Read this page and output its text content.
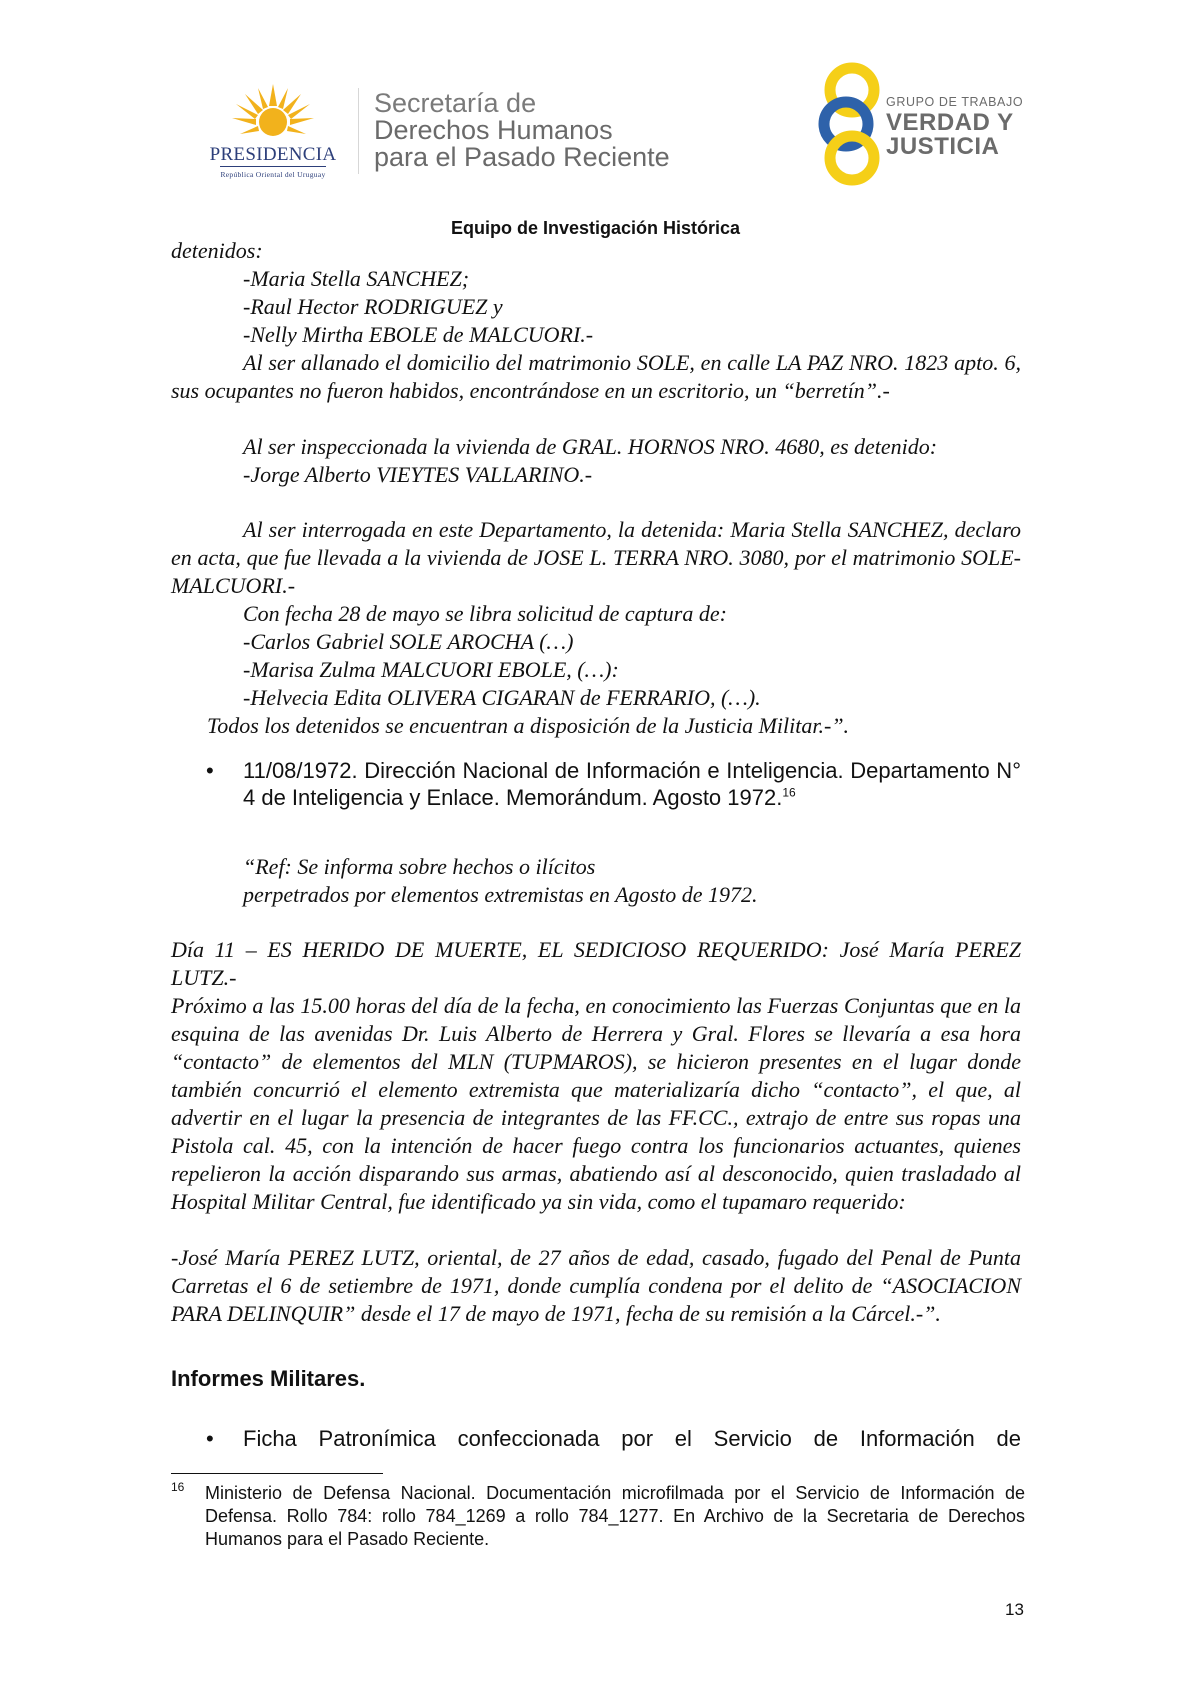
PRESIDENCIA
República Oriental del Uruguay
Secretaría de
Derechos Humanos
para el Pasado Reciente
GRUPO DE TRABAJO
VERDAD Y
JUSTICIA
Equipo de Investigación Histórica
detenidos:
-Maria Stella SANCHEZ;
-Raul Hector RODRIGUEZ y
-Nelly Mirtha EBOLE de MALCUORI.-
Al ser allanado el domicilio del matrimonio SOLE, en calle LA PAZ NRO. 1823 apto. 6, sus ocupantes no fueron habidos, encontrándose en un escritorio, un “berretín”.-
Al ser inspeccionada la vivienda de GRAL. HORNOS NRO. 4680, es detenido:
-Jorge Alberto VIEYTES VALLARINO.-
Al ser interrogada en este Departamento, la detenida: Maria Stella SANCHEZ, declaro en acta, que fue llevada a la vivienda de JOSE L. TERRA NRO. 3080, por el matrimonio SOLE-MALCUORI.-
Con fecha 28 de mayo se libra solicitud de captura de:
-Carlos Gabriel SOLE AROCHA (…)
-Marisa Zulma MALCUORI EBOLE, (…):
-Helvecia Edita OLIVERA CIGARAN de FERRARIO, (…).
Todos los detenidos se encuentran a disposición de la Justicia Militar.-”.
• 11/08/1972. Dirección Nacional de Información e Inteligencia. Departamento N° 4 de Inteligencia y Enlace. Memorándum. Agosto 1972.16
“Ref: Se informa sobre hechos o ilícitos
perpetrados por elementos extremistas en Agosto de 1972.
Día 11 – ES HERIDO DE MUERTE, EL SEDICIOSO REQUERIDO: José María PEREZ LUTZ.-
Próximo a las 15.00 horas del día de la fecha, en conocimiento las Fuerzas Conjuntas que en la esquina de las avenidas Dr. Luis Alberto de Herrera y Gral. Flores se llevaría a esa hora “contacto” de elementos del MLN (TUPMAROS), se hicieron presentes en el lugar donde también concurrió el elemento extremista que materializaría dicho “contacto”, el que, al advertir en el lugar la presencia de integrantes de las FF.CC., extrajo de entre sus ropas una Pistola cal. 45, con la intención de hacer fuego contra los funcionarios actuantes, quienes repelieron la acción disparando sus armas, abatiendo así al desconocido, quien trasladado al Hospital Militar Central, fue identificado ya sin vida, como el tupamaro requerido:
-José María PEREZ LUTZ, oriental, de 27 años de edad, casado, fugado del Penal de Punta Carretas el 6 de setiembre de 1971, donde cumplía condena por el delito de “ASOCIACION PARA DELINQUIR” desde el 17 de mayo de 1971, fecha de su remisión a la Cárcel.-”.
Informes Militares.
• Ficha Patronímica confeccionada por el Servicio de Información de
16 Ministerio de Defensa Nacional. Documentación microfilmada por el Servicio de Información de Defensa. Rollo 784: rollo 784_1269 a rollo 784_1277. En Archivo de la Secretaria de Derechos Humanos para el Pasado Reciente.
13
